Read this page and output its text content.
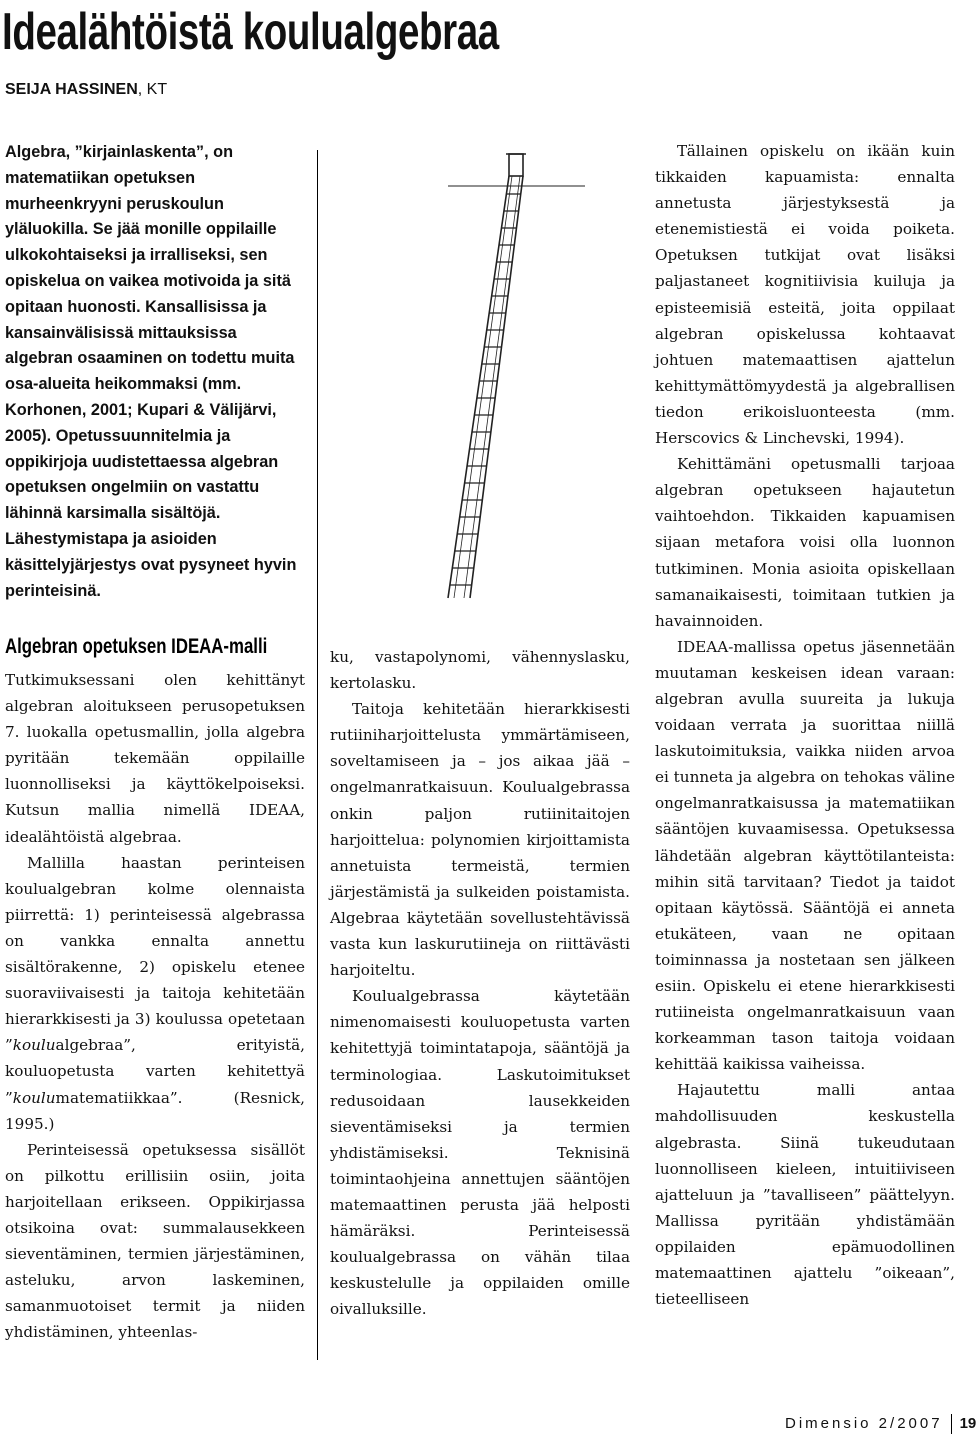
Idealähtöistä koulualgebraa
SEIJA HASSINEN, KT

Algebra, ”kirjainlaskenta”, on matematiikan opetuksen murheenkryyni peruskoulun yläluokilla. Se jää monille oppilaille ulkokohtaiseksi ja irralliseksi, sen opiskelua on vaikea motivoida ja sitä opitaan huonosti. Kansallisissa ja kansainvälisissä mittauksissa algebran osaaminen on todettu muita osa-alueita heikommaksi (mm. Korhonen, 2001; Kupari & Välijärvi, 2005). Opetussuunnitelmia ja oppikirjoja uudistettaessa algebran opetuksen ongelmiin on vastattu lähinnä karsimalla sisältöjä. Lähestymistapa ja asioiden käsittelyjärjestys ovat pysyneet hyvin perinteisinä.

Algebran opetuksen IDEAA-malli

Tutkimuksessani olen kehittänyt algebran aloitukseen perusopetuksen 7. luokalla opetusmallin, jolla algebra pyritään tekemään oppilaille luonnolliseksi ja käyttökelpoiseksi. Kutsun mallia nimellä IDEAA, idealähtöistä algebraa.

Mallilla haastan perinteisen koulualgebran kolme olennaista piirrettä: 1) perinteisessä algebrassa on vankka ennalta annettu sisältörakenne, 2) opiskelu etenee suoraviivaisesti ja taitoja kehitetään hierarkkisesti ja 3) koulussa opetetaan ”koulualgebraa”, erityistä, kouluopetusta varten kehitettyä ”koulumatematiikkaa”. (Resnick, 1995.)

Perinteisessä opetuksessa sisällöt on pilkottu erillisiin osiin, joita harjoitellaan erikseen. Oppikirjassa otsikoina ovat: summalausekkeen sieventäminen, termien järjestäminen, asteluku, arvon laskeminen, samanmuotoiset termit ja niiden yhdistäminen, yhteenlas-

ku, vastapolynomi, vähennyslasku, kertolasku.

Taitoja kehitetään hierarkkisesti rutiiniharjoittelusta ymmärtämiseen, soveltamiseen ja – jos aikaa jää – ongelmanratkaisuun. Koulualgebrassa onkin paljon rutiinitaitojen harjoittelua: polynomien kirjoittamista annetuista termeistä, termien järjestämistä ja sulkeiden poistamista. Algebraa käytetään sovellustehtävissä vasta kun laskurutiineja on riittävästi harjoiteltu.

Koulualgebrassa käytetään nimenomaisesti kouluopetusta varten kehitettyjä toimintatapoja, sääntöjä ja terminologiaa. Laskutoimitukset redusoidaan lausekkeiden sieventämiseksi ja termien yhdistämiseksi. Teknisinä toimintaohjeina annettujen sääntöjen matemaattinen perusta jää helposti hämäräksi. Perinteisessä koulualgebrassa on vähän tilaa keskustelulle ja oppilaiden omille oivalluksille.

Tällainen opiskelu on ikään kuin tikkaiden kapuamista: ennalta annetusta järjestyksestä ja etenemistiestä ei voida poiketa. Opetuksen tutkijat ovat lisäksi paljastaneet kognitiivisia kuiluja ja episteemisiä esteitä, joita oppilaat algebran opiskelussa kohtaavat johtuen matemaattisen ajattelun kehittymättömyydestä ja algebrallisen tiedon erikoisluonteesta (mm. Herscovics & Linchevski, 1994).

Kehittämäni opetusmalli tarjoaa algebran opetukseen hajautetun vaihtoehdon. Tikkaiden kapuamisen sijaan metafora voisi olla luonnon tutkiminen. Monia asioita opiskellaan samanaikaisesti, toimitaan tutkien ja havainnoiden.

IDEAA-mallissa opetus jäsennetään muutaman keskeisen idean varaan: algebran avulla suureita ja lukuja voidaan verrata ja suorittaa niillä laskutoimituksia, vaikka niiden arvoa ei tunneta ja algebra on tehokas väline ongelmanratkaisussa ja matematiikan sääntöjen kuvaamisessa. Opetuksessa lähdetään algebran käyttötilanteista: mihin sitä tarvitaan? Tiedot ja taidot opitaan käytössä. Sääntöjä ei anneta etukäteen, vaan ne opitaan toiminnassa ja nostetaan sen jälkeen esiin. Opiskelu ei etene hierarkkisesti rutiineista ongelmanratkaisuun vaan korkeamman tason taitoja voidaan kehittää kaikissa vaiheissa.

Hajautettu malli antaa mahdollisuuden keskustella algebrasta. Siinä tukeudutaan luonnolliseen kieleen, intuitiiviseen ajatteluun ja ”tavalliseen” päättelyyn. Mallissa pyritään yhdistämään oppilaiden epämuodollinen matemaattinen ajattelu ”oikeaan”, tieteelliseen

Dimensio 2/2007 19
